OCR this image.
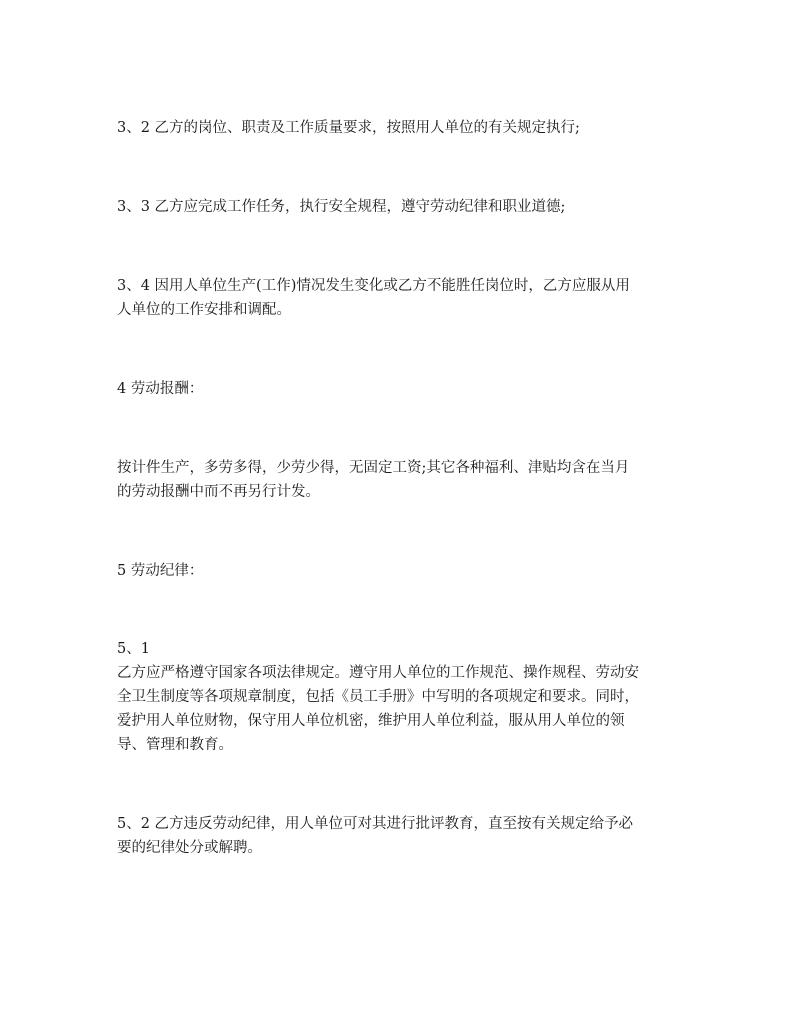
3、2 乙方的岗位、职责及工作质量要求，按照用人单位的有关规定执行;

3、3 乙方应完成工作任务，执行安全规程，遵守劳动纪律和职业道德;

3、4 因用人单位生产(工作)情况发生变化或乙方不能胜任岗位时，乙方应服从用
人单位的工作安排和调配。

4 劳动报酬：

按计件生产，多劳多得，少劳少得，无固定工资;其它各种福利、津贴均含在当月
的劳动报酬中而不再另行计发。

5 劳动纪律：

5、1
乙方应严格遵守国家各项法律规定。遵守用人单位的工作规范、操作规程、劳动安
全卫生制度等各项规章制度，包括《员工手册》中写明的各项规定和要求。同时，
爱护用人单位财物，保守用人单位机密，维护用人单位利益，服从用人单位的领
导、管理和教育。

5、2 乙方违反劳动纪律，用人单位可对其进行批评教育，直至按有关规定给予必
要的纪律处分或解聘。
